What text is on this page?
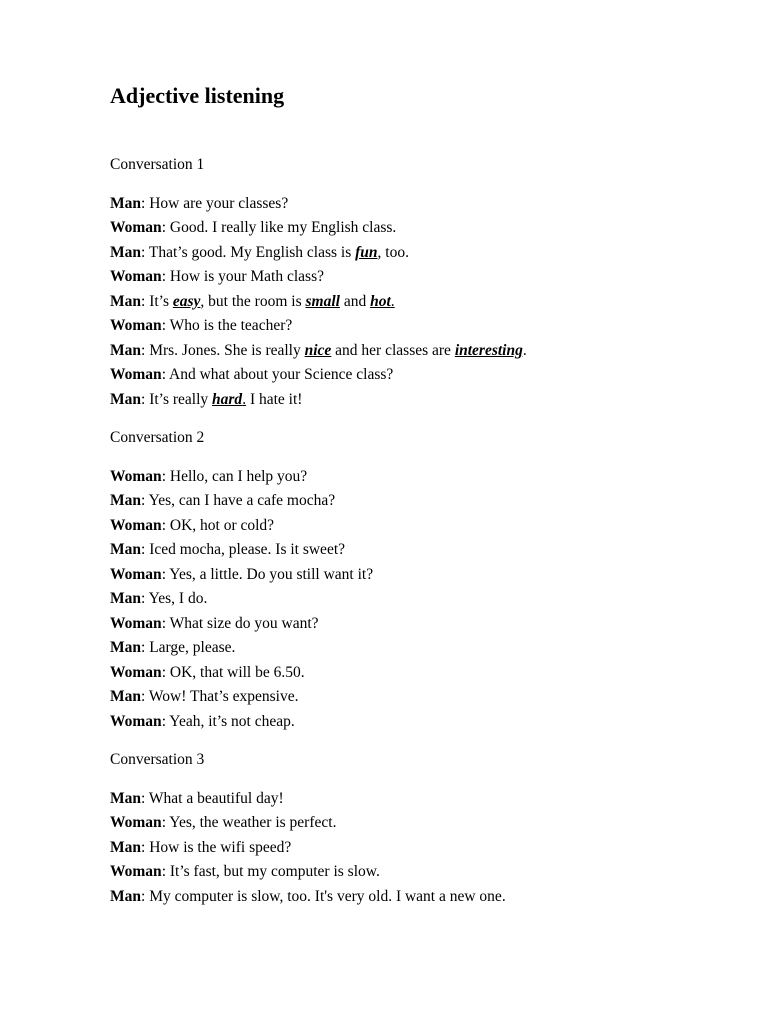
Adjective listening

Conversation 1

Man: How are your classes?

Woman: Good. I really like my English class.

Man: That’s good. My English class is fun, too.

Woman: How is your Math class?

Man: It’s easy, but the room is small and hot.

Woman: Who is the teacher?

Man: Mrs. Jones. She is really nice and her classes are interesting.

Woman: And what about your Science class?

Man: It’s really hard. I hate it!

Conversation 2

Woman: Hello, can I help you?

Man: Yes, can I have a cafe mocha?

Woman: OK, hot or cold?

Man: Iced mocha, please. Is it sweet?

Woman: Yes, a little. Do you still want it?

Man: Yes, I do.

Woman: What size do you want?

Man: Large, please.

Woman: OK, that will be 6.50.

Man: Wow! That’s expensive.

Woman: Yeah, it’s not cheap.

Conversation 3

Man: What a beautiful day!

Woman: Yes, the weather is perfect.

Man: How is the wifi speed?

Woman: It’s fast, but my computer is slow.

Man: My computer is slow, too. It's very old. I want a new one.
